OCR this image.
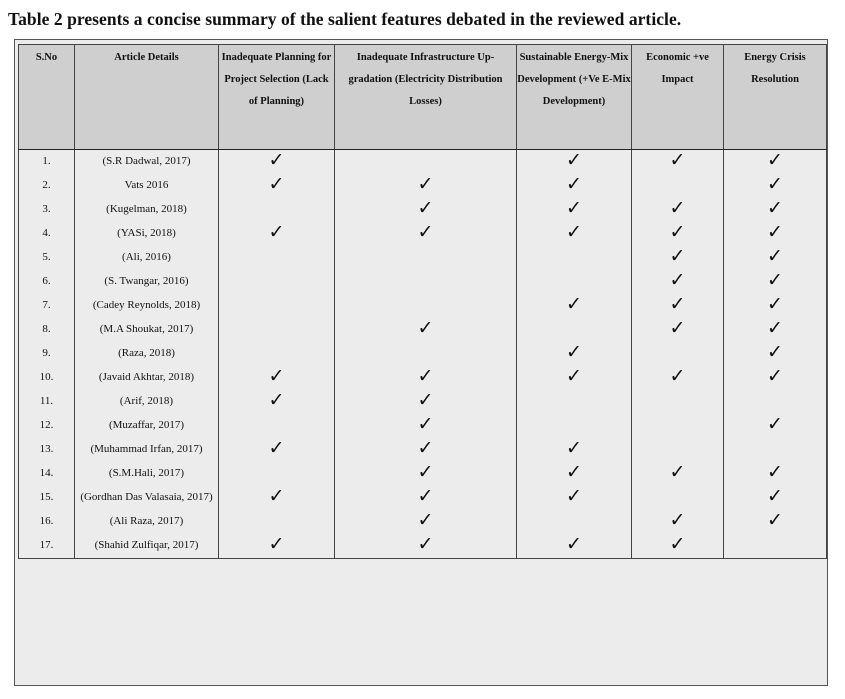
Table 2 presents a concise summary of the salient features debated in the reviewed article.
S.No	Article Details	Inadequate Planning for Project Selection (Lack of Planning)	Inadequate Infrastructure Up-gradation (Electricity Distribution Losses)	Sustainable Energy-Mix Development (+Ve E-Mix Development)	Economic +ve Impact	Energy Crisis Resolution
1.	(S.R Dadwal, 2017)	✓		✓	✓	✓
2.	Vats 2016	✓	✓	✓		✓
3.	(Kugelman, 2018)		✓	✓	✓	✓
4.	(YASi, 2018)	✓	✓	✓	✓	✓
5.	(Ali, 2016)				✓	✓
6.	(S. Twangar, 2016)				✓	✓
7.	(Cadey Reynolds, 2018)			✓	✓	✓
8.	(M.A Shoukat, 2017)		✓		✓	✓
9.	(Raza, 2018)			✓		✓
10.	(Javaid Akhtar, 2018)	✓	✓	✓	✓	✓
11.	(Arif, 2018)	✓	✓			
12.	(Muzaffar, 2017)		✓			✓
13.	(Muhammad Irfan, 2017)	✓	✓	✓		
14.	(S.M.Hali, 2017)		✓	✓	✓	✓
15.	(Gordhan Das Valasaia, 2017)	✓	✓	✓		✓
16.	(Ali Raza, 2017)		✓		✓	✓
17.	(Shahid Zulfiqar, 2017)	✓	✓	✓	✓	
